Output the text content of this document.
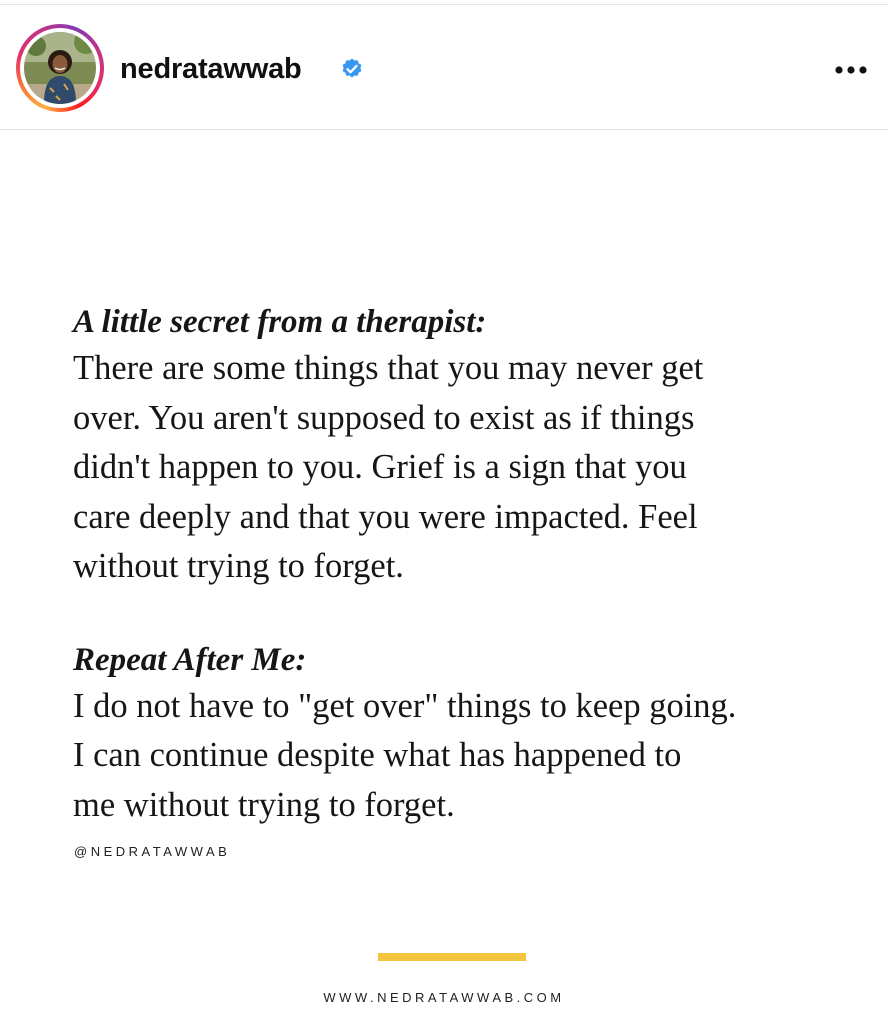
nedratawwab

A little secret from a therapist:

There are some things that you may never get
over. You aren't supposed to exist as if things
didn't happen to you. Grief is a sign that you
care deeply and that you were impacted. Feel
without trying to forget.

Repeat After Me:

I do not have to "get over" things to keep going.
I can continue despite what has happened to
me without trying to forget.

@NEDRATAWWAB
WWW.NEDRATAWWAB.COM
